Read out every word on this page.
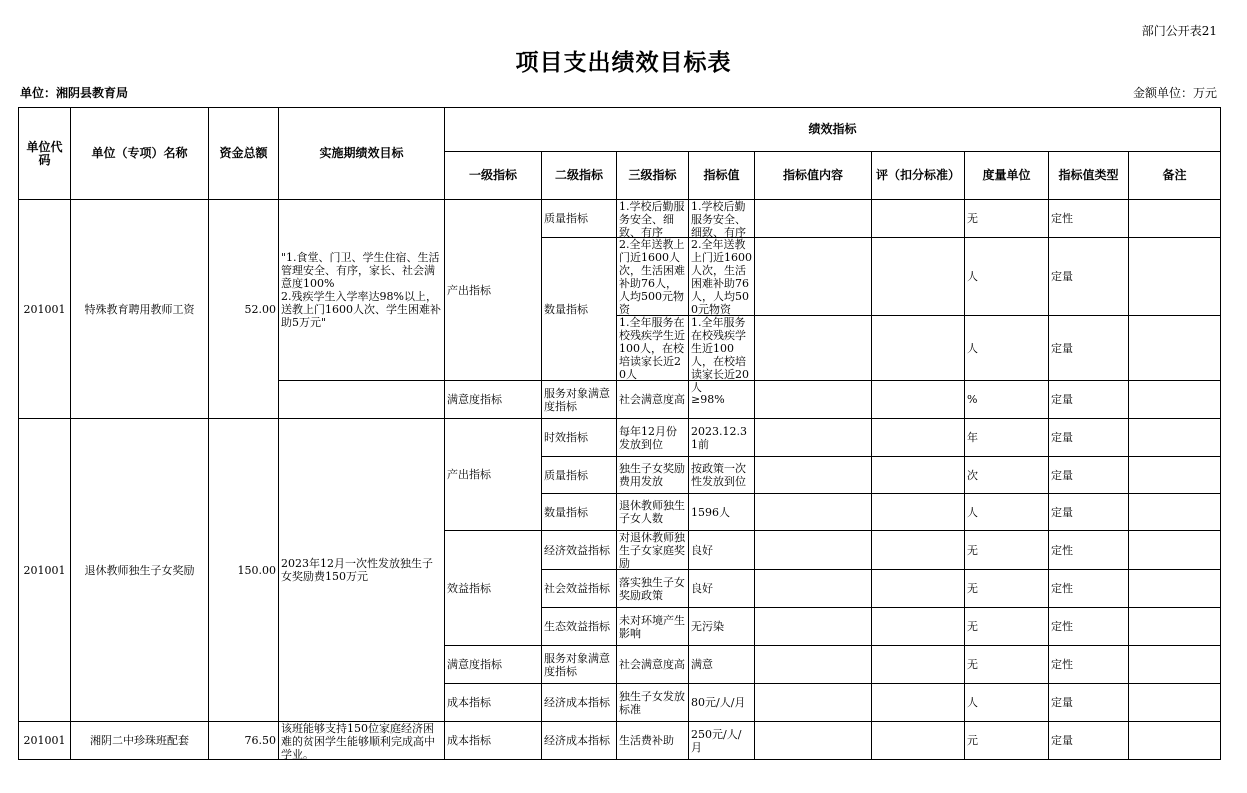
部门公开表21
项目支出绩效目标表
单位：湘阴县教育局	金额单位：万元
单位代码	单位（专项）名称	资金总额	实施期绩效目标	绩效指标								
				一级指标	二级指标	三级指标	指标值	指标值内容	评（扣分标准）	度量单位	指标值类型	备注
201001	特殊教育聘用教师工资	52.00	"1.食堂、门卫、学生住宿、生活管理安全、有序，家长、社会满意度100%
2.残疾学生入学率达98%以上，送教上门1600人次、学生困难补助5万元"	产出指标	质量指标	1.学校后勤服务安全、细致、有序	1.学校后勤服务安全、细致、有序			无	定性	
					数量指标	2.全年送教上门近1600人次，生活困难补助76人，人均500元物资	2.全年送教上门近1600人次，生活困难补助76人，人均500元物资			人	定量	

						1.全年服务在校残疾学生近100人，在校培读家长近20人	1.全年服务在校残疾学生近100人，在校培读家长近20人			人	定量	
				满意度指标	服务对象满意度指标	社会满意度高	≥98%			%	定量	
201001	退休教师独生子女奖励	150.00	2023年12月一次性发放独生子女奖励费150万元	产出指标	时效指标	每年12月份发放到位	2023.12.31前			年	定量	
					质量指标	独生子女奖励费用发放	按政策一次性发放到位			次	定量	
					数量指标	退休教师独生子女人数	1596人			人	定量	
				效益指标	经济效益指标	对退休教师独生子女家庭奖励	良好			无	定性	
					社会效益指标	落实独生子女奖励政策	良好			无	定性	
					生态效益指标	未对环境产生影响	无污染			无	定性	
				满意度指标	服务对象满意度指标	社会满意度高	满意			无	定性	
				成本指标	经济成本指标	独生子女发放标准	80元/人/月			人	定量	
201001	湘阴二中珍珠班配套	76.50	该班能够支持150位家庭经济困难的贫困学生能够顺利完成高中学业。	成本指标	经济成本指标	生活费补助	250元/人/月			元	定量	
